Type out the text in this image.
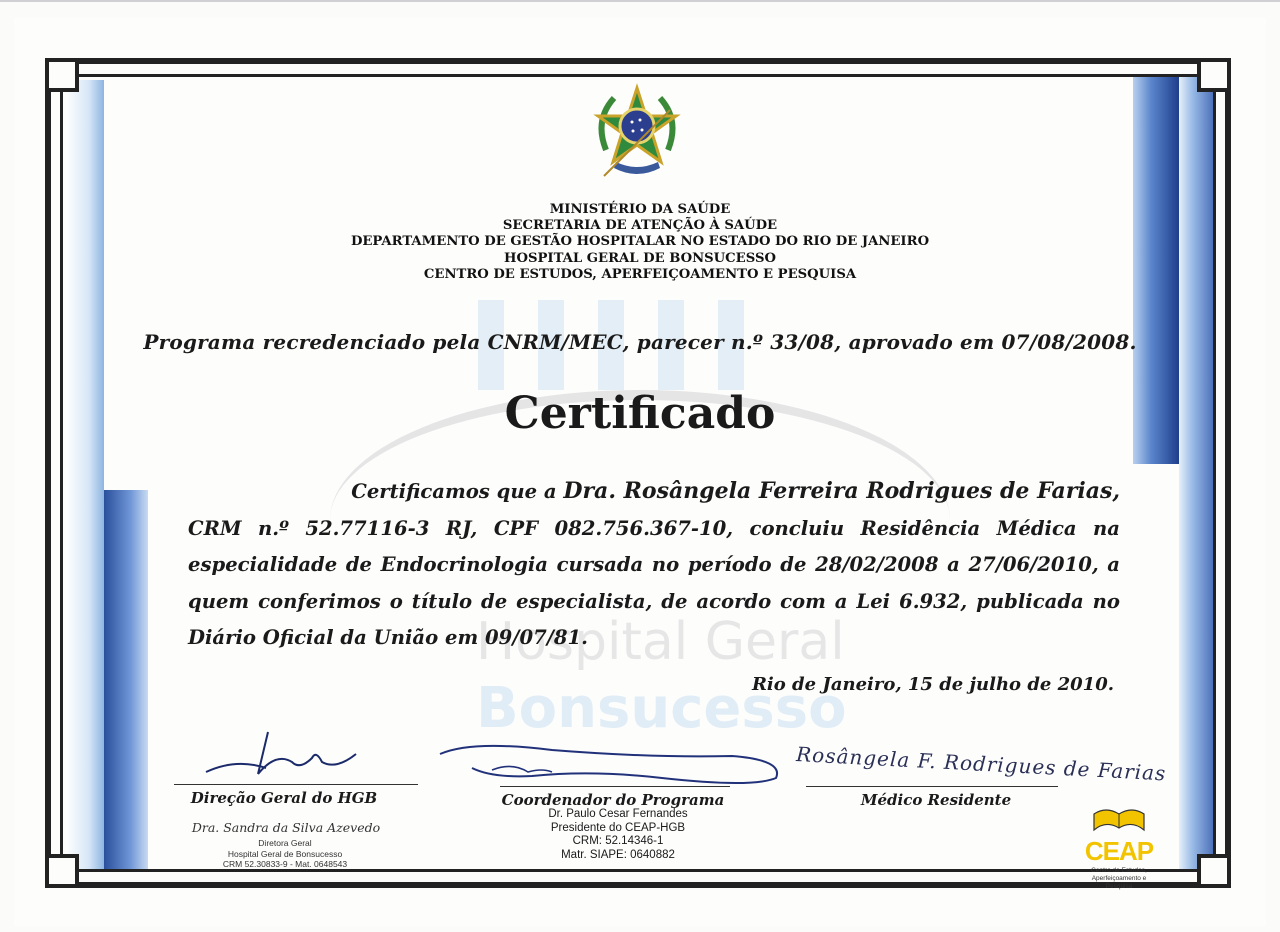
Hospital Geral
Bonsucesso
MINISTÉRIO DA SAÚDE
SECRETARIA DE ATENÇÃO À SAÚDE
DEPARTAMENTO DE GESTÃO HOSPITALAR NO ESTADO DO RIO DE JANEIRO
HOSPITAL GERAL DE BONSUCESSO
CENTRO DE ESTUDOS, APERFEIÇOAMENTO E PESQUISA
Programa recredenciado pela CNRM/MEC, parecer n.º 33/08, aprovado em 07/08/2008.
Certificado
Certificamos que a Dra. Rosângela Ferreira Rodrigues de Farias,
CRM n.º 52.77116-3 RJ, CPF 082.756.367-10, concluiu Residência Médica na especialidade de Endocrinologia cursada no período de 28/02/2008 a 27/06/2010, a quem conferimos o título de especialista, de acordo com a Lei 6.932, publicada no Diário Oficial da União em 09/07/81.
Rio de Janeiro, 15 de julho de 2010.
Direção Geral do HGB
Dra. Sandra da Silva Azevedo
Diretora Geral
Hospital Geral de Bonsucesso
CRM 52.30833-9 - Mat. 0648543
Coordenador do Programa
Dr. Paulo Cesar Fernandes
Presidente do CEAP-HGB
CRM: 52.14346-1
Matr. SIAPE: 0640882
Rosângela F. Rodrigues de Farias
Médico Residente
CEAP
Centro de Estudos,
Aperfeiçoamento e Pesquisa
